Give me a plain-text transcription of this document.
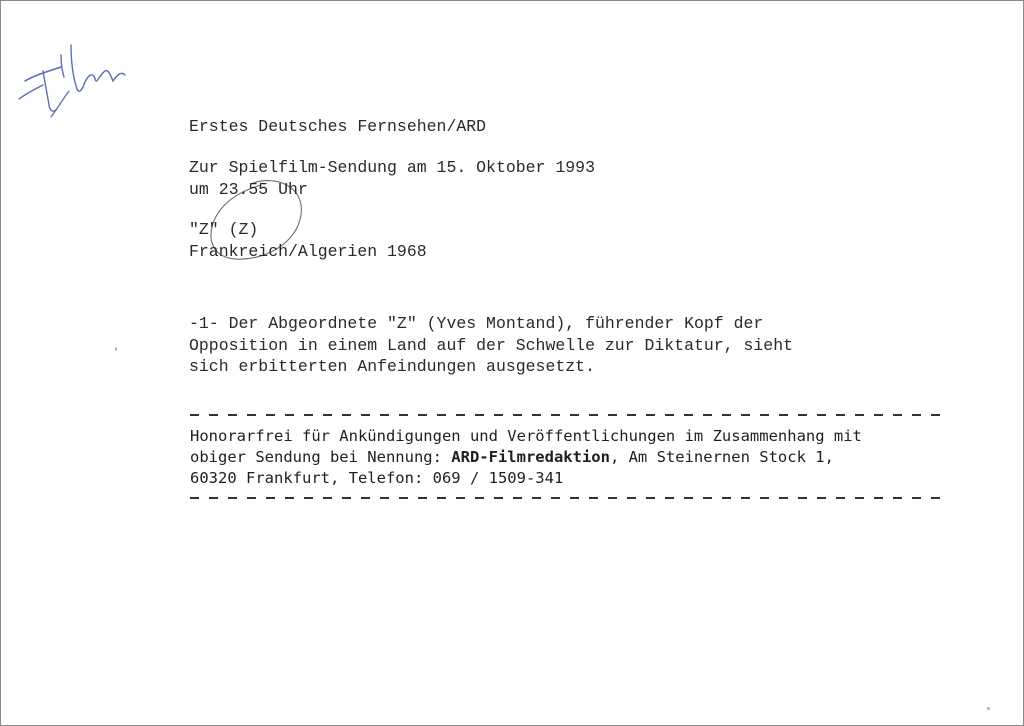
Erstes Deutsches Fernsehen/ARD
Zur Spielfilm-Sendung am 15. Oktober 1993
um 23.55 Uhr
"Z" (Z)
Frankreich/Algerien 1968
-1- Der Abgeordnete "Z" (Yves Montand), führender Kopf der
Opposition in einem Land auf der Schwelle zur Diktatur, sieht
sich erbitterten Anfeindungen ausgesetzt.
Honorarfrei für Ankündigungen und Veröffentlichungen im Zusammenhang mit
obiger Sendung bei Nennung: ARD-Filmredaktion, Am Steinernen Stock 1,
60320 Frankfurt, Telefon: 069 / 1509-341
